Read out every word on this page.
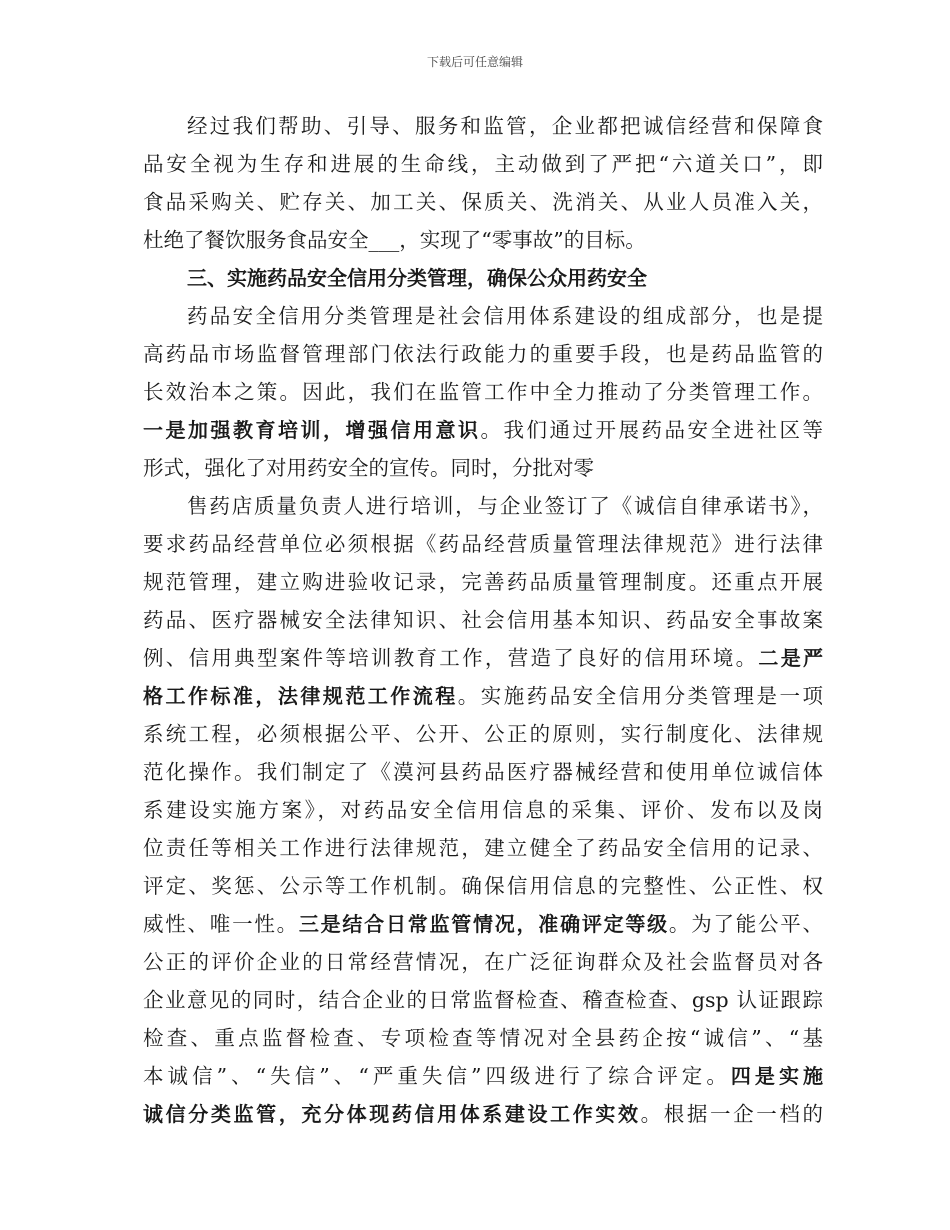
下载后可任意编辑
经过我们帮助、引导、服务和监管，企业都把诚信经营和保障食
品安全视为生存和进展的生命线，主动做到了严把“六道关口”，即
食品采购关、贮存关、加工关、保质关、洗消关、从业人员准入关，
杜绝了餐饮服务食品安全___，实现了“零事故”的目标。
三、实施药品安全信用分类管理，确保公众用药安全
药品安全信用分类管理是社会信用体系建设的组成部分，也是提
高药品市场监督管理部门依法行政能力的重要手段，也是药品监管的
长效治本之策。因此，我们在监管工作中全力推动了分类管理工作。
一是加强教育培训，增强信用意识。我们通过开展药品安全进社区等
形式，强化了对用药安全的宣传。同时，分批对零
售药店质量负责人进行培训，与企业签订了《诚信自律承诺书》，
要求药品经营单位必须根据《药品经营质量管理法律规范》进行法律
规范管理，建立购进验收记录，完善药品质量管理制度。还重点开展
药品、医疗器械安全法律知识、社会信用基本知识、药品安全事故案
例、信用典型案件等培训教育工作，营造了良好的信用环境。二是严
格工作标准，法律规范工作流程。实施药品安全信用分类管理是一项
系统工程，必须根据公平、公开、公正的原则，实行制度化、法律规
范化操作。我们制定了《漠河县药品医疗器械经营和使用单位诚信体
系建设实施方案》，对药品安全信用信息的采集、评价、发布以及岗
位责任等相关工作进行法律规范，建立健全了药品安全信用的记录、
评定、奖惩、公示等工作机制。确保信用信息的完整性、公正性、权
威性、唯一性。三是结合日常监管情况，准确评定等级。为了能公平、
公正的评价企业的日常经营情况，在广泛征询群众及社会监督员对各
企业意见的同时，结合企业的日常监督检查、稽查检查、gsp 认证跟踪
检查、重点监督检查、专项检查等情况对全县药企按“诚信”、“基
本诚信”、“失信”、“严重失信”四级进行了综合评定。四是实施
诚信分类监管，充分体现药信用体系建设工作实效。根据一企一档的
